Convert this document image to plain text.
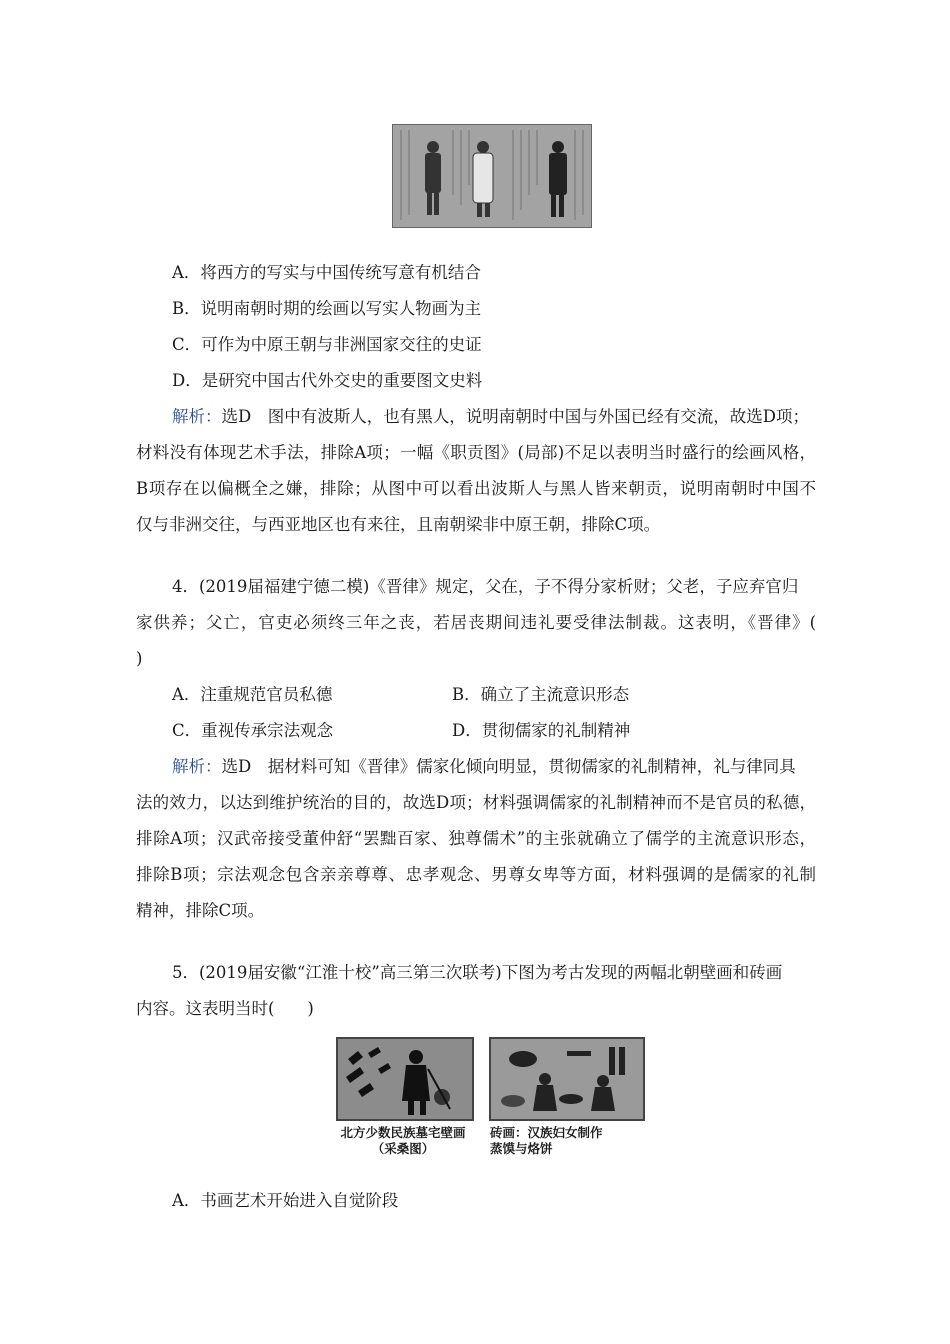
A．将西方的写实与中国传统写意有机结合
B．说明南朝时期的绘画以写实人物画为主
C．可作为中原王朝与非洲国家交往的史证
D．是研究中国古代外交史的重要图文史料
解析：选D　图中有波斯人，也有黑人，说明南朝时中国与外国已经有交流，故选D项；
材料没有体现艺术手法，排除A项；一幅《职贡图》(局部)不足以表明当时盛行的绘画风格，
B项存在以偏概全之嫌，排除；从图中可以看出波斯人与黑人皆来朝贡，说明南朝时中国不
仅与非洲交往，与西亚地区也有来往，且南朝梁非中原王朝，排除C项。
4．(2019届福建宁德二模)《晋律》规定，父在，子不得分家析财；父老，子应弃官归
家供养；父亡，官吏必须终三年之丧，若居丧期间违礼要受律法制裁。这表明，《晋律》(
)
A．注重规范官员私德	B．确立了主流意识形态
C．重视传承宗法观念	D．贯彻儒家的礼制精神
解析：选D　据材料可知《晋律》儒家化倾向明显，贯彻儒家的礼制精神，礼与律同具
法的效力，以达到维护统治的目的，故选D项；材料强调儒家的礼制精神而不是官员的私德，
排除A项；汉武帝接受董仲舒“罢黜百家、独尊儒术”的主张就确立了儒学的主流意识形态，
排除B项；宗法观念包含亲亲尊尊、忠孝观念、男尊女卑等方面，材料强调的是儒家的礼制
精神，排除C项。
5．(2019届安徽“江淮十校”高三第三次联考)下图为考古发现的两幅北朝壁画和砖画
内容。这表明当时(　　)
北方少数民族墓宅壁画
（采桑图）
砖画：汉族妇女制作
蒸馍与烙饼
A．书画艺术开始进入自觉阶段
